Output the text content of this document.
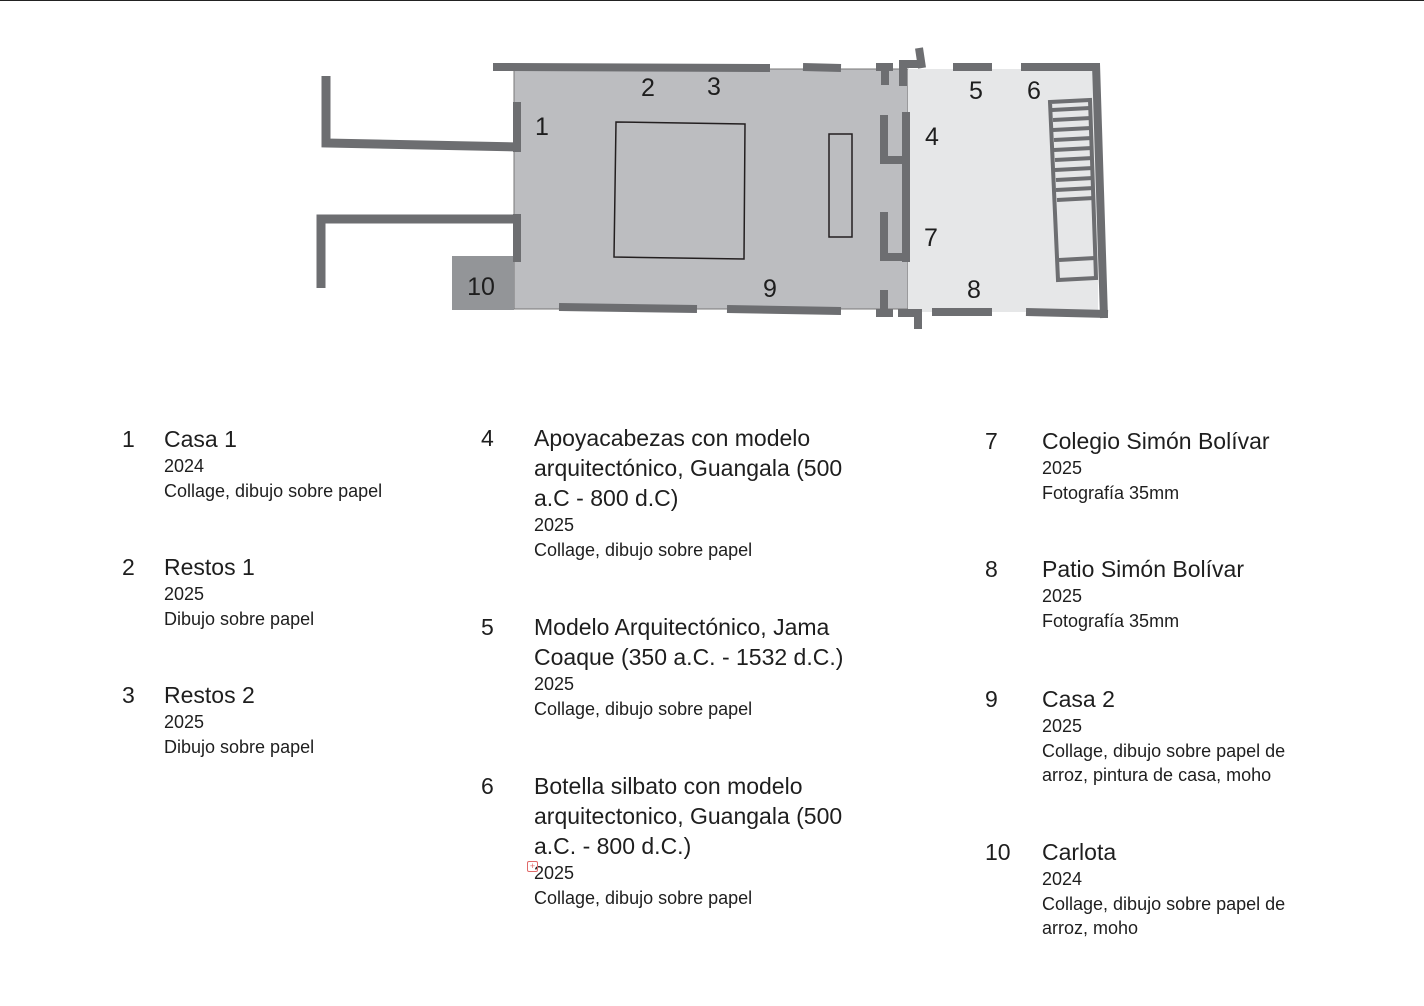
1
2 3
4
5 6
7
8
9
10
1 Casa 1
2024
Collage, dibujo sobre papel
2 Restos 1
2025
Dibujo sobre papel
3 Restos 2
2025
Dibujo sobre papel
4 Apoyacabezas con modelo arquitectónico, Guangala (500 a.C - 800 d.C)
2025
Collage, dibujo sobre papel
5 Modelo Arquitectónico, Jama Coaque (350 a.C. - 1532 d.C.)
2025
Collage, dibujo sobre papel
6 Botella silbato con modelo arquitectonico, Guangala (500 a.C. - 800 d.C.)
+
2025
Collage, dibujo sobre papel
7 Colegio Simón Bolívar
2025
Fotografía 35mm
8 Patio Simón Bolívar
2025
Fotografía 35mm
9 Casa 2
2025
Collage, dibujo sobre papel de arroz, pintura de casa, moho
10 Carlota
2024
Collage, dibujo sobre papel de arroz, moho
